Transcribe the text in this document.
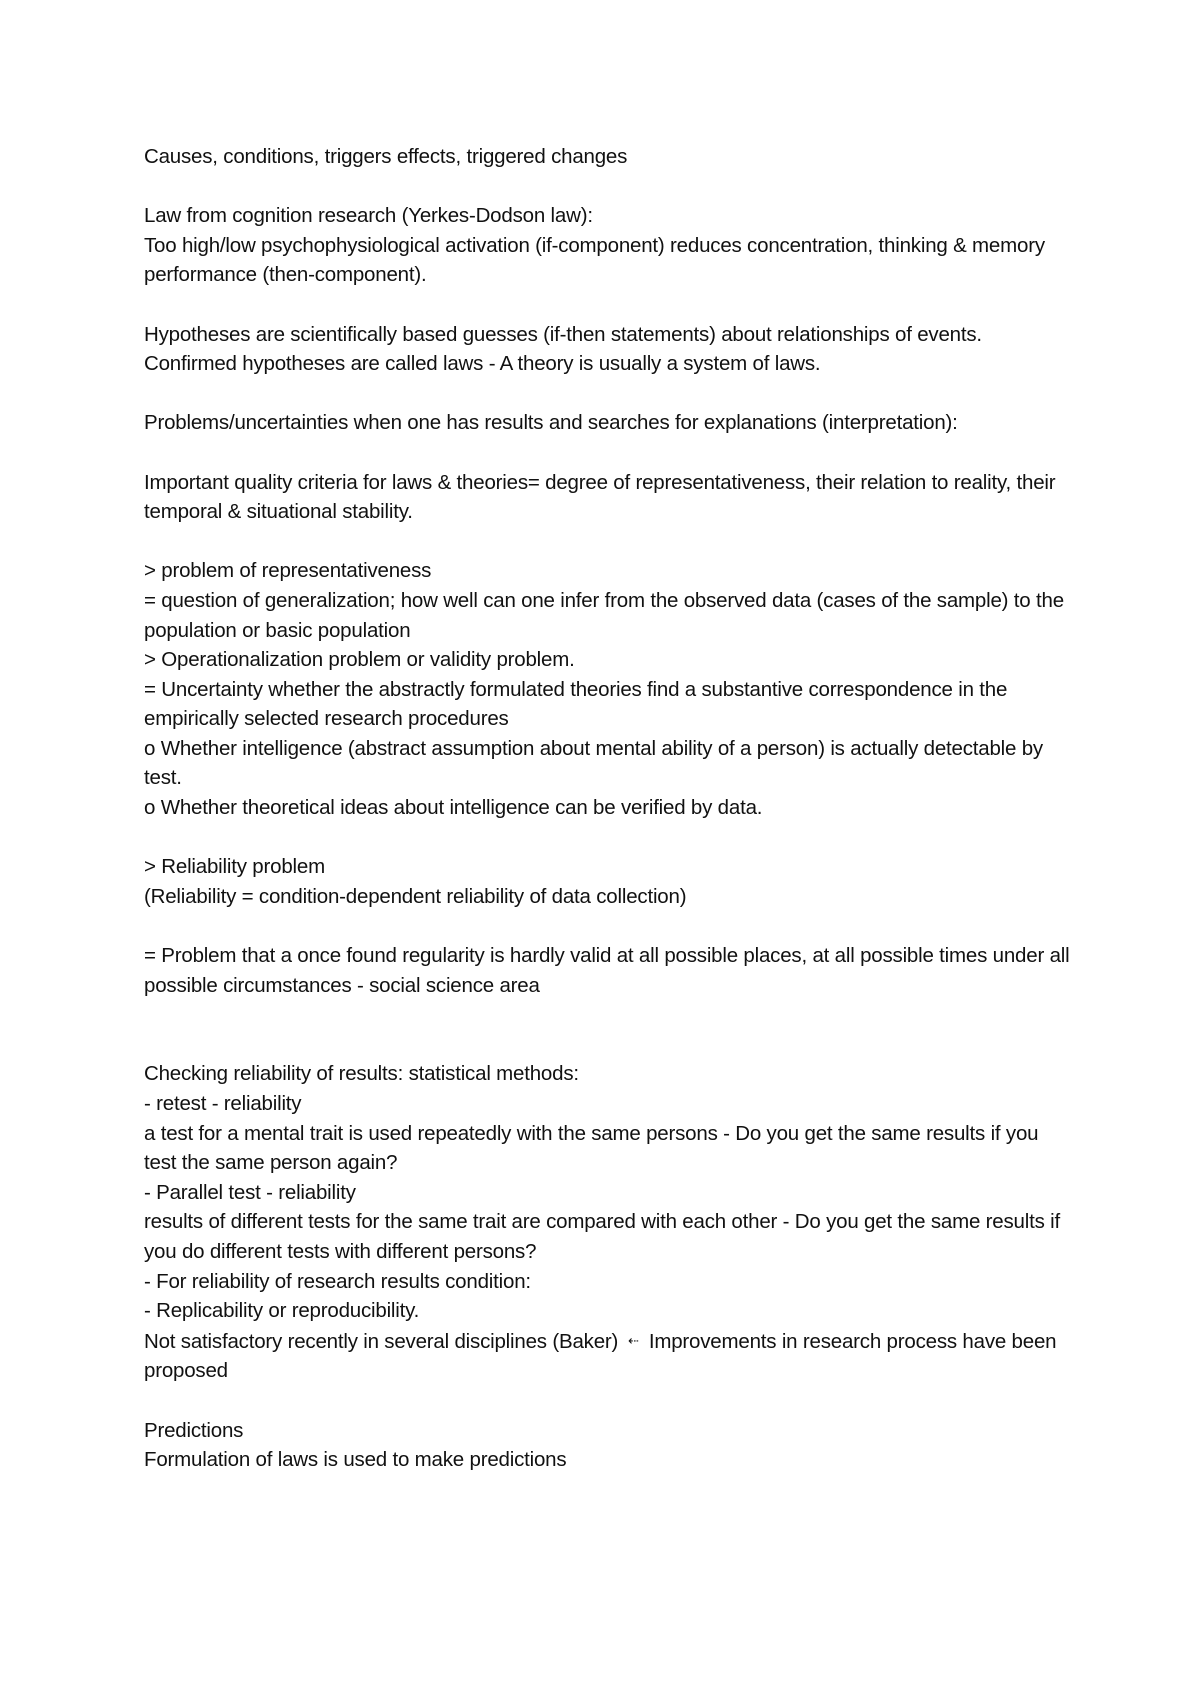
Causes, conditions, triggers effects, triggered changes

Law from cognition research (Yerkes-Dodson law):

Too high/low psychophysiological activation (if-component) reduces concentration, thinking & memory performance (then-component).

Hypotheses are scientifically based guesses (if-then statements) about relationships of events. Confirmed hypotheses are called laws - A theory is usually a system of laws.

Problems/uncertainties when one has results and searches for explanations (interpretation):

Important quality criteria for laws & theories= degree of representativeness, their relation to reality, their temporal & situational stability.

> problem of representativeness

= question of generalization; how well can one infer from the observed data (cases of the sample) to the population or basic population

> Operationalization problem or validity problem.

= Uncertainty whether the abstractly formulated theories find a substantive correspondence in the empirically selected research procedures

o Whether intelligence (abstract assumption about mental ability of a person) is actually detectable by test.

o Whether theoretical ideas about intelligence can be verified by data.

> Reliability problem

(Reliability = condition-dependent reliability of data collection)

= Problem that a once found regularity is hardly valid at all possible places, at all possible times under all possible circumstances - social science area

Checking reliability of results: statistical methods:

- retest - reliability

a test for a mental trait is used repeatedly with the same persons - Do you get the same results if you test the same person again?

- Parallel test - reliability

results of different tests for the same trait are compared with each other - Do you get the same results if you do different tests with different persons?

- For reliability of research results condition:

- Replicability or reproducibility.

Not satisfactory recently in several disciplines (Baker) ⇠ Improvements in research process have been proposed

Predictions

Formulation of laws is used to make predictions
